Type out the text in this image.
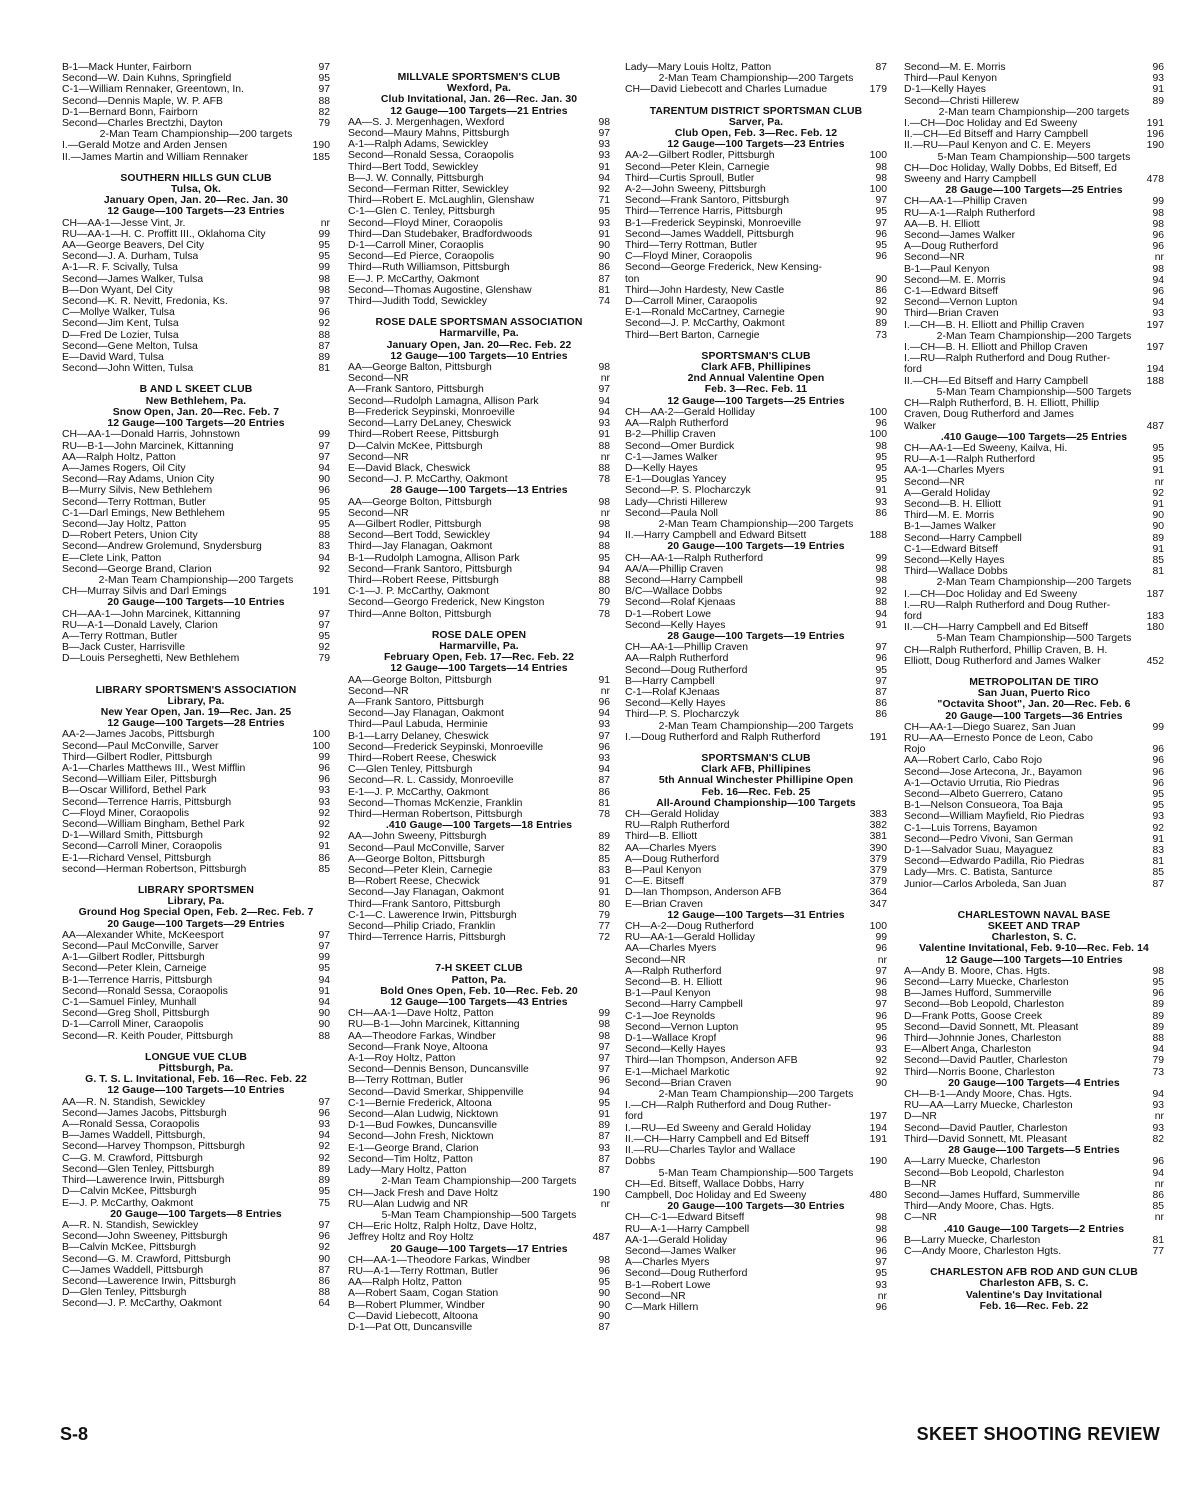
B-1—Mack Hunter, Fairborn	97
Second—W. Dain Kuhns, Springfield	95
C-1—William Rennaker, Greentown, In.	97
Second—Dennis Maple, W. P. AFB	88
D-1—Bernard Bonn, Fairborn	82
Second—Charles Brectzhi, Dayton	79
2-Man Team Championship—200 targets
I.—Gerald Motze and Arden Jensen	190
II.—James Martin and William Rennaker	185
SOUTHERN HILLS GUN CLUB
Tulsa, Ok.
January Open, Jan. 20—Rec. Jan. 30
12 Gauge—100 Targets—23 Entries
CH—AA-1—Jesse Vint, Jr.	nr
RU—AA-1—H. C. Proffitt III., Oklahoma City	99
AA—George Beavers, Del City	95
Second—J. A. Durham, Tulsa	95
A-1—R. F. Scivally, Tulsa	99
Second—James Walker, Tulsa	98
B—Don Wyant, Del City	98
Second—K. R. Nevitt, Fredonia, Ks.	97
C—Mollye Walker, Tulsa	96
Second—Jim Kent, Tulsa	92
D—Fred De Lozier, Tulsa	88
Second—Gene Melton, Tulsa	87
E—David Ward, Tulsa	89
Second—John Witten, Tulsa	81
B AND L SKEET CLUB
New Bethlehem, Pa.
Snow Open, Jan. 20—Rec. Feb. 7
12 Gauge—100 Targets—20 Entries
CH—AA-1—Donald Harris, Johnstown	99
RU—B-1—John Marcinek, Kittanning	97
AA—Ralph Holtz, Patton	97
A—James Rogers, Oil City	94
Second—Ray Adams, Union City	90
B—Murry Silvis, New Bethlehem	96
Second—Terry Rottman, Butler	95
C-1—Darl Emings, New Bethlehem	95
Second—Jay Holtz, Patton	95
D—Robert Peters, Union City	88
Second—Andrew Grolemund, Snydersburg	83
E—Clete Link, Patton	94
Second—George Brand, Clarion	92
2-Man Team Championship—200 Targets
CH—Murray Silvis and Darl Emings	191
20 Gauge—100 Targets—10 Entries
CH—AA-1—John Marcinek, Kittanning	97
RU—A-1—Donald Lavely, Clarion	97
A—Terry Rottman, Butler	95
B—Jack Custer, Harrisville	92
D—Louis Perseghetti, New Bethlehem	79
LIBRARY SPORTSMEN'S ASSOCIATION
Library, Pa.
New Year Open, Jan. 19—Rec. Jan. 25
12 Gauge—100 Targets—28 Entries
AA-2—James Jacobs, Pittsburgh	100
Second—Paul McConville, Sarver	100
Third—Gilbert Rodler, Pittsburgh	99
A-1—Charles Matthews III., West Mifflin	96
Second—William Eiler, Pittsburgh	96
B—Oscar Williford, Bethel Park	93
Second—Terrence Harris, Pittsburgh	93
C—Floyd Miner, Coraopolis	92
Second—William Bingham, Bethel Park	92
D-1—Willard Smith, Pittsburgh	92
Second—Carroll Miner, Coraopolis	91
E-1—Richard Vensel, Pittsburgh	86
second—Herman Robertson, Pittsburgh	85
LIBRARY SPORTSMEN
Library, Pa.
Ground Hog Special Open, Feb. 2—Rec. Feb. 7
20 Gauge—100 Targets—29 Entries
AA—Alexander White, McKeesport	97
Second—Paul McConville, Sarver	97
A-1—Gilbert Rodler, Pittsburgh	99
Second—Peter Klein, Carneige	95
B-1—Terrence Harris, Pittsburgh	94
Second—Ronald Sessa, Coraopolis	91
C-1—Samuel Finley, Munhall	94
Second—Greg Sholl, Pittsburgh	90
D-1—Carroll Miner, Caraopolis	90
Second—R. Keith Pouder, Pittsburgh	88
LONGUE VUE CLUB
Pittsburgh, Pa.
G. T. S. L. Invitational, Feb. 16—Rec. Feb. 22
12 Gauge—100 Targets—10 Entries
AA—R. N. Standish, Sewickley	97
Second—James Jacobs, Pittsburgh	96
A—Ronald Sessa, Coraopolis	93
B—James Waddell, Pittsburgh,	94
Second—Harvey Thompson, Pittsburgh	92
C—G. M. Crawford, Pittsburgh	92
Second—Glen Tenley, Pittsburgh	89
Third—Lawerence Irwin, Pittsburgh	89
D—Calvin McKee, Pittsburgh	95
E—J. P. McCarthy, Oakmont	75
20 Gauge—100 Targets—8 Entries
A—R. N. Standish, Sewickley	97
Second—John Sweeney, Pittsburgh	96
B—Calvin McKee, Pittsburgh	92
Second—G. M. Crawford, Pittsburgh	90
C—James Waddell, Pittsburgh	87
Second—Lawerence Irwin, Pittsburgh	86
D—Glen Tenley, Pittsburgh	88
Second—J. P. McCarthy, Oakmont	64
MILLVALE SPORTSMEN'S CLUB
Wexford, Pa.
Club Invitational, Jan. 26—Rec. Jan. 30
12 Gauge—100 Targets—21 Entries
AA—S. J. Mergenhagen, Wexford	98
Second—Maury Mahns, Pittsburgh	97
A-1—Ralph Adams, Sewickley	93
Second—Ronald Sessa, Coraopolis	93
Third—Bert Todd, Sewickley	91
B—J. W. Connally, Pittsburgh	94
Second—Ferman Ritter, Sewickley	92
Third—Robert E. McLaughlin, Glenshaw	71
C-1—Glen C. Tenley, Pittsburgh	95
Second—Floyd Miner, Coraopolis	93
Third—Dan Studebaker, Bradfordwoods	91
D-1—Carroll Miner, Coraoplis	90
Second—Ed Pierce, Coraopolis	90
Third—Ruth Williamson, Pittsburgh	86
E—J. P. McCarthy, Oakmont	87
Second—Thomas Augostine, Glenshaw	81
Third—Judith Todd, Sewickley	74
ROSE DALE SPORTSMAN ASSOCIATION
Harmarville, Pa.
January Open, Jan. 20—Rec. Feb. 22
12 Gauge—100 Targets—10 Entries
AA—George Balton, Pittsburgh	98
Second—NR	nr
A—Frank Santoro, Pittsburgh	97
Second—Rudolph Lamagna, Allison Park	94
B—Frederick Seypinski, Monroeville	94
Second—Larry DeLaney, Cheswick	93
Third—Robert Reese, Pittsburgh	91
D—Calvin McKee, Pittsburgh	88
Second—NR	nr
E—David Black, Cheswick	88
Second—J. P. McCarthy, Oakmont	78
28 Gauge—100 Targets—13 Entries
AA—George Bolton, Pittsburgh	98
Second—NR	nr
A—Gilbert Rodler, Pittsburgh	98
Second—Bert Todd, Sewickley	94
Third—Jay Flanagan, Oakmont	88
B-1—Rudolph Lamogna, Allison Park	95
Second—Frank Santoro, Pittsburgh	94
Third—Robert Reese, Pittsburgh	88
C-1—J. P. McCarthy, Oakmont	80
Second—Georgo Frederick, New Kingston	79
Third—Anne Bolton, Pittsburgh	78
ROSE DALE OPEN
Harmarville, Pa.
February Open, Feb. 17—Rec. Feb. 22
12 Gauge—100 Targets—14 Entries
AA—George Bolton, Pittsburgh	91
Second—NR	nr
A—Frank Santoro, Pittsburgh	96
Second—Jay Flanagan, Oakmont	94
Third—Paul Labuda, Herminie	93
B-1—Larry Delaney, Cheswick	97
Second—Frederick Seypinski, Monroeville	96
Third—Robert Reese, Cheswick	93
C—Glen Tenley, Pittsburgh	94
Second—R. L. Cassidy, Monroeville	87
E-1—J. P. McCarthy, Oakmont	86
Second—Thomas McKenzie, Franklin	81
Third—Herman Robertson, Pittsburgh	78
.410 Gauge—100 Targets—18 Entries
AA—John Sweeny, Pittsburgh	89
Second—Paul McConville, Sarver	82
A—George Bolton, Pittsburgh	85
Second—Peter Klein, Carnegie	83
B—Robert Reese, Checwick	91
Second—Jay Flanagan, Oakmont	91
Third—Frank Santoro, Pittsburgh	80
C-1—C. Lawerence Irwin, Pittsburgh	79
Second—Philip Criado, Franklin	77
Third—Terrence Harris, Pittsburgh	72
7-H SKEET CLUB
Patton, Pa.
Bold Ones Open, Feb. 10—Rec. Feb. 20
12 Gauge—100 Targets—43 Entries
CH—AA-1—Dave Holtz, Patton	99
RU—B-1—John Marcinek, Kittanning	98
AA—Theodore Farkas, Windber	98
Second—Frank Noye, Altoona	97
A-1—Roy Holtz, Patton	97
Second—Dennis Benson, Duncansville	97
B—Terry Rottman, Butler	96
Second—David Smerkar, Shippenville	94
C-1—Bernie Frederick, Altoona	95
Second—Alan Ludwig, Nicktown	91
D-1—Bud Fowkes, Duncansville	89
Second—John Fresh, Nicktown	87
E-1—George Brand, Clarion	93
Second—Tim Holtz, Patton	87
Lady—Mary Holtz, Patton	87
2-Man Team Championship—200 Targets
CH—Jack Fresh and Dave Holtz	190
RU—Alan Ludwig and NR	nr
5-Man Team Championship—500 Targets
CH—Eric Holtz, Ralph Holtz, Dave Holtz,
Jeffrey Holtz and Roy Holtz	487
20 Gauge—100 Targets—17 Entries
CH—AA-1—Theodore Farkas, Windber	98
RU—A-1—Terry Rottman, Butler	96
AA—Ralph Holtz, Patton	95
A—Robert Saam, Cogan Station	90
B—Robert Plummer, Windber	90
C—David Liebecott, Altoona	90
D-1—Pat Ott, Duncansville	87
Lady—Mary Louis Holtz, Patton	87
2-Man Team Championship—200 Targets
CH—David Liebecott and Charles Lumadue	179
TARENTUM DISTRICT SPORTSMAN CLUB
Sarver, Pa.
Club Open, Feb. 3—Rec. Feb. 12
12 Gauge—100 Targets—23 Entries
AA-2—Gilbert Rodler, Pittsburgh	100
Second—Peter Klein, Carnegie	98
Third—Curtis Sproull, Butler	98
A-2—John Sweeny, Pittsburgh	100
Second—Frank Santoro, Pittsburgh	97
Third—Terrence Harris, Pittsburgh	95
B-1—Frederick Seypinski, Monroeville	97
Second—James Waddell, Pittsburgh	96
Third—Terry Rottman, Butler	95
C—Floyd Miner, Coraopolis	96
Second—George Frederick, New Kensing-
ton	90
Third—John Hardesty, New Castle	86
D—Carroll Miner, Caraopolis	92
E-1—Ronald McCartney, Carnegie	90
Second—J. P. McCarthy, Oakmont	89
Third—Bert Barton, Carnegie	73
SPORTSMAN'S CLUB
Clark AFB, Phillipines
2nd Annual Valentine Open
Feb. 3—Rec. Feb. 11
12 Gauge—100 Targets—25 Entries
CH—AA-2—Gerald Holliday	100
AA—Ralph Rutherford	96
B-2—Phillip Craven	100
Second—Omer Burdick	98
C-1—James Walker	95
D—Kelly Hayes	95
E-1—Douglas Yancey	95
Second—P. S. Plocharczyk	91
Lady—Christi Hillerew	93
Second—Paula Noll	86
2-Man Team Championship—200 Targets
II.—Harry Campbell and Edward Bitsett	188
20 Gauge—100 Targets—19 Entries
CH—AA-1—Ralph Rutherford	99
AA/A—Phillip Craven	98
Second—Harry Campbell	98
B/C—Wallace Dobbs	92
Second—Rolaf Kjenaas	88
D-1—Robert Lowe	94
Second—Kelly Hayes	91
28 Gauge—100 Targets—19 Entries
CH—AA-1—Phillip Craven	97
AA—Ralph Rutherford	96
Second—Doug Rutherford	95
B—Harry Campbell	97
C-1—Rolaf KJenaas	87
Second—Kelly Hayes	86
Third—P. S. Plocharczyk	86
2-Man Team Championship—200 Targets
I.—Doug Rutherford and Ralph Rutherford	191
SPORTSMAN'S CLUB
Clark AFB, Phillipines
5th Annual Winchester Phillipine Open
Feb. 16—Rec. Feb. 25
All-Around Championship—100 Targets
CH—Gerald Holiday	383
RU—Ralph Rutherford	382
Third—B. Elliott	381
AA—Charles Myers	390
A—Doug Rutherford	379
B—Paul Kenyon	379
C—E. Bitseff	379
D—Ian Thompson, Anderson AFB	364
E—Brian Craven	347
12 Gauge—100 Targets—31 Entries
CH—A-2—Doug Rutherford	100
RU—AA-1—Gerald Holliday	99
AA—Charles Myers	96
Second—NR	nr
A—Ralph Rutherford	97
Second—B. H. Elliott	96
B-1—Paul Kenyon	98
Second—Harry Campbell	97
C-1—Joe Reynolds	96
Second—Vernon Lupton	95
D-1—Wallace Kropf	96
Second—Kelly Hayes	93
Third—Ian Thompson, Anderson AFB	92
E-1—Michael Markotic	92
Second—Brian Craven	90
2-Man Team Championship—200 Targets
I.—CH—Ralph Rutherford and Doug Ruther-
ford	197
I.—RU—Ed Sweeny and Gerald Holiday	194
II.—CH—Harry Campbell and Ed Bitseff	191
II.—RU—Charles Taylor and Wallace
Dobbs	190
5-Man Team Championship—500 Targets
CH—Ed. Bitseff, Wallace Dobbs, Harry
Campbell, Doc Holiday and Ed Sweeny	480
20 Gauge—100 Targets—30 Entries
CH—C-1—Edward Bitseff	98
RU—A-1—Harry Campbell	98
AA-1—Gerald Holiday	96
Second—James Walker	96
A—Charles Myers	97
Second—Doug Rutherford	95
B-1—Robert Lowe	93
Second—NR	nr
C—Mark Hillern	96
Second—M. E. Morris	96
Third—Paul Kenyon	93
D-1—Kelly Hayes	91
Second—Christi Hillerew	89
2-Man team Championship—200 targets
I.—CH—Doc Holiday and Ed Sweeny	191
II.—CH—Ed Bitseff and Harry Campbell	196
II.—RU—Paul Kenyon and C. E. Meyers	190
5-Man Team Championship—500 targets
CH—Doc Holiday, Wally Dobbs, Ed Bitseff, Ed
Sweeny and Harry Campbell	478
28 Gauge—100 Targets—25 Entries
CH—AA-1—Phillip Craven	99
RU—A-1—Ralph Rutherford	98
AA—B. H. Elliott	98
Second—James Walker	96
A—Doug Rutherford	96
Second—NR	nr
B-1—Paul Kenyon	98
Second—M. E. Morris	94
C-1—Edward Bitseff	96
Second—Vernon Lupton	94
Third—Brian Craven	93
I.—CH—B. H. Elliott and Phillip Craven	197
2-Man Team Championship—200 Targets
I.—CH—B. H. Elliott and Phillop Craven	197
I.—RU—Ralph Rutherford and Doug Ruther-
ford	194
II.—CH—Ed Bitseff and Harry Campbell	188
5-Man Team Championship—500 Targets
CH—Ralph Rutherford, B. H. Elliott, Phillip
Craven, Doug Rutherford and James
Walker	487
.410 Gauge—100 Targets—25 Entries
CH—AA-1—Ed Sweeny, Kailva, Hi.	95
RU—A-1—Ralph Rutherford	95
AA-1—Charles Myers	91
Second—NR	nr
A—Gerald Holiday	92
Second—B. H. Elliott	91
Third—M. E. Morris	90
B-1—James Walker	90
Second—Harry Campbell	89
C-1—Edward Bitseff	91
Second—Kelly Hayes	85
Third—Wallace Dobbs	81
2-Man Team Championship—200 Targets
I.—CH—Doc Holiday and Ed Sweeny	187
I.—RU—Ralph Rutherford and Doug Ruther-
ford	183
II.—CH—Harry Campbell and Ed Bitseff	180
5-Man Team Championship—500 Targets
CH—Ralph Rutherford, Phillip Craven, B. H.
Elliott, Doug Rutherford and James Walker	452
METROPOLITAN DE TIRO
San Juan, Puerto Rico
"Octavita Shoot", Jan. 20—Rec. Feb. 6
20 Gauge—100 Targets—36 Entries
CH—AA-1—Diego Suarez, San Juan	99
RU—AA—Ernesto Ponce de Leon, Cabo
Rojo	96
AA—Robert Carlo, Cabo Rojo	96
Second—Jose Artecona, Jr., Bayamon	96
A-1—Octavio Urrutia, Rio Piedras	96
Second—Albeto Guerrero, Catano	95
B-1—Nelson Consueora, Toa Baja	95
Second—William Mayfield, Rio Piedras	93
C-1—Luis Torrens, Bayamon	92
Second—Pedro Vivoni, San German	91
D-1—Salvador Suau, Mayaguez	83
Second—Edwardo Padilla, Rio Piedras	81
Lady—Mrs. C. Batista, Santurce	85
Junior—Carlos Arboleda, San Juan	87
CHARLESTOWN NAVAL BASE
SKEET AND TRAP
Charleston, S. C.
Valentine Invitational, Feb. 9-10—Rec. Feb. 14
12 Gauge—100 Targets—10 Entries
A—Andy B. Moore, Chas. Hgts.	98
Second—Larry Muecke, Charleston	95
B—James Hufford, Summerville	96
Second—Bob Leopold, Charleston	89
D—Frank Potts, Goose Creek	89
Second—David Sonnett, Mt. Pleasant	89
Third—Johnnie Jones, Charleston	88
E—Albert Anga, Charleston	94
Second—David Pautler, Charleston	79
Third—Norris Boone, Charleston	73
20 Gauge—100 Targets—4 Entries
CH—B-1—Andy Moore, Chas. Hgts.	94
RU—AA—Larry Muecke, Charleston	93
D—NR	nr
Second—David Pautler, Charleston	93
Third—David Sonnett, Mt. Pleasant	82
28 Gauge—100 Targets—5 Entries
A—Larry Muecke, Charleston	96
Second—Bob Leopold, Charleston	94
B—NR	nr
Second—James Huffard, Summerville	86
Third—Andy Moore, Chas. Hgts.	85
C—NR	nr
.410 Gauge—100 Targets—2 Entries
B—Larry Muecke, Charleston	81
C—Andy Moore, Charleston Hgts.	77
CHARLESTON AFB ROD AND GUN CLUB
Charleston AFB, S. C.
Valentine's Day Invitational
Feb. 16—Rec. Feb. 22
S-8	SKEET SHOOTING REVIEW
